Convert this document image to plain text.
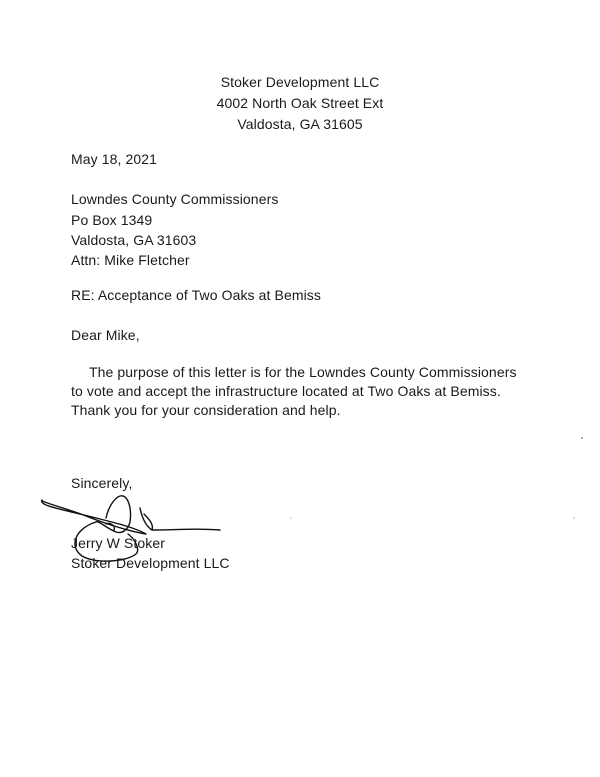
Stoker Development LLC
4002 North Oak Street Ext
Valdosta, GA 31605
May 18, 2021
Lowndes County Commissioners
Po Box 1349
Valdosta, GA 31603
Attn: Mike Fletcher
RE: Acceptance of Two Oaks at Bemiss
Dear Mike,
The purpose of this letter is for the Lowndes County Commissioners
to vote and accept the infrastructure located at Two Oaks at Bemiss.
Thank you for your consideration and help.
Sincerely,
Jerry W Stoker
Stoker Development LLC
